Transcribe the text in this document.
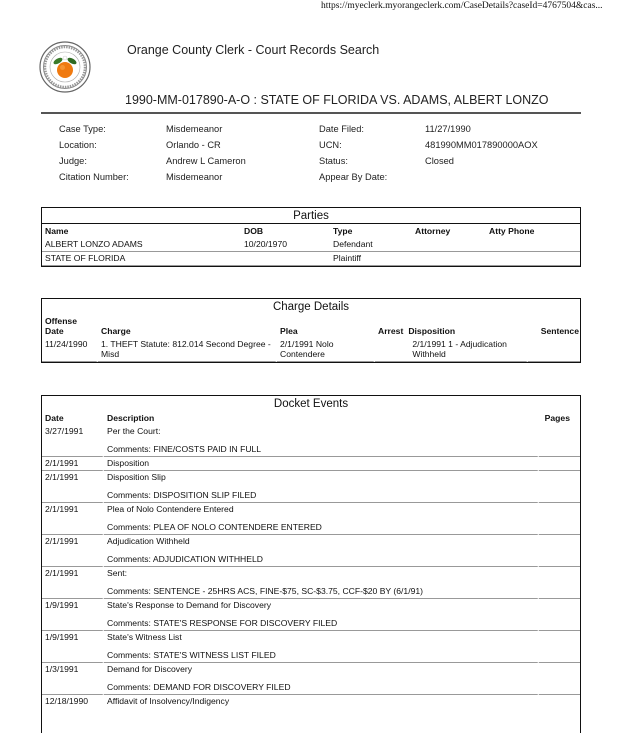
https://myeclerk.myorangeclerk.com/CaseDetails?caseId=4767504&cas...
Orange County Clerk - Court Records Search
1990-MM-017890-A-O : STATE OF FLORIDA VS. ADAMS, ALBERT LONZO
Case Type:	Misdemeanor	Date Filed:	11/27/1990
Location:	Orlando - CR	UCN:	481990MM017890000AOX
Judge:	Andrew L Cameron	Status:	Closed
Citation Number:	Misdemeanor	Appear By Date:
Parties
Name	DOB	Type	Attorney	Atty Phone
ALBERT LONZO ADAMS	10/20/1970	Defendant		
STATE OF FLORIDA		Plaintiff		
Charge Details
Offense Date	Charge	Plea	Arrest	Disposition	Sentence
11/24/1990	1. THEFT Statute: 812.014 Second Degree - Misd	2/1/1991 Nolo Contendere		2/1/1991 1 - Adjudication Withheld	
Docket Events
Date	Description	Pages
3/27/1991	Per the Court:
Comments: FINE/COSTS PAID IN FULL	

2/1/1991	Disposition	

2/1/1991	Disposition Slip
Comments: DISPOSITION SLIP FILED	

2/1/1991	Plea of Nolo Contendere Entered
Comments: PLEA OF NOLO CONTENDERE ENTERED	

2/1/1991	Adjudication Withheld
Comments: ADJUDICATION WITHHELD	

2/1/1991	Sent:
Comments: SENTENCE - 25HRS ACS, FINE-$75, SC-$3.75, CCF-$20 BY (6/1/91)	

1/9/1991	State's Response to Demand for Discovery
Comments: STATE'S RESPONSE FOR DISCOVERY FILED	

1/9/1991	State's Witness List
Comments: STATE'S WITNESS LIST FILED	

1/3/1991	Demand for Discovery
Comments: DEMAND FOR DISCOVERY FILED	

12/18/1990	Affidavit of Insolvency/Indigency	
